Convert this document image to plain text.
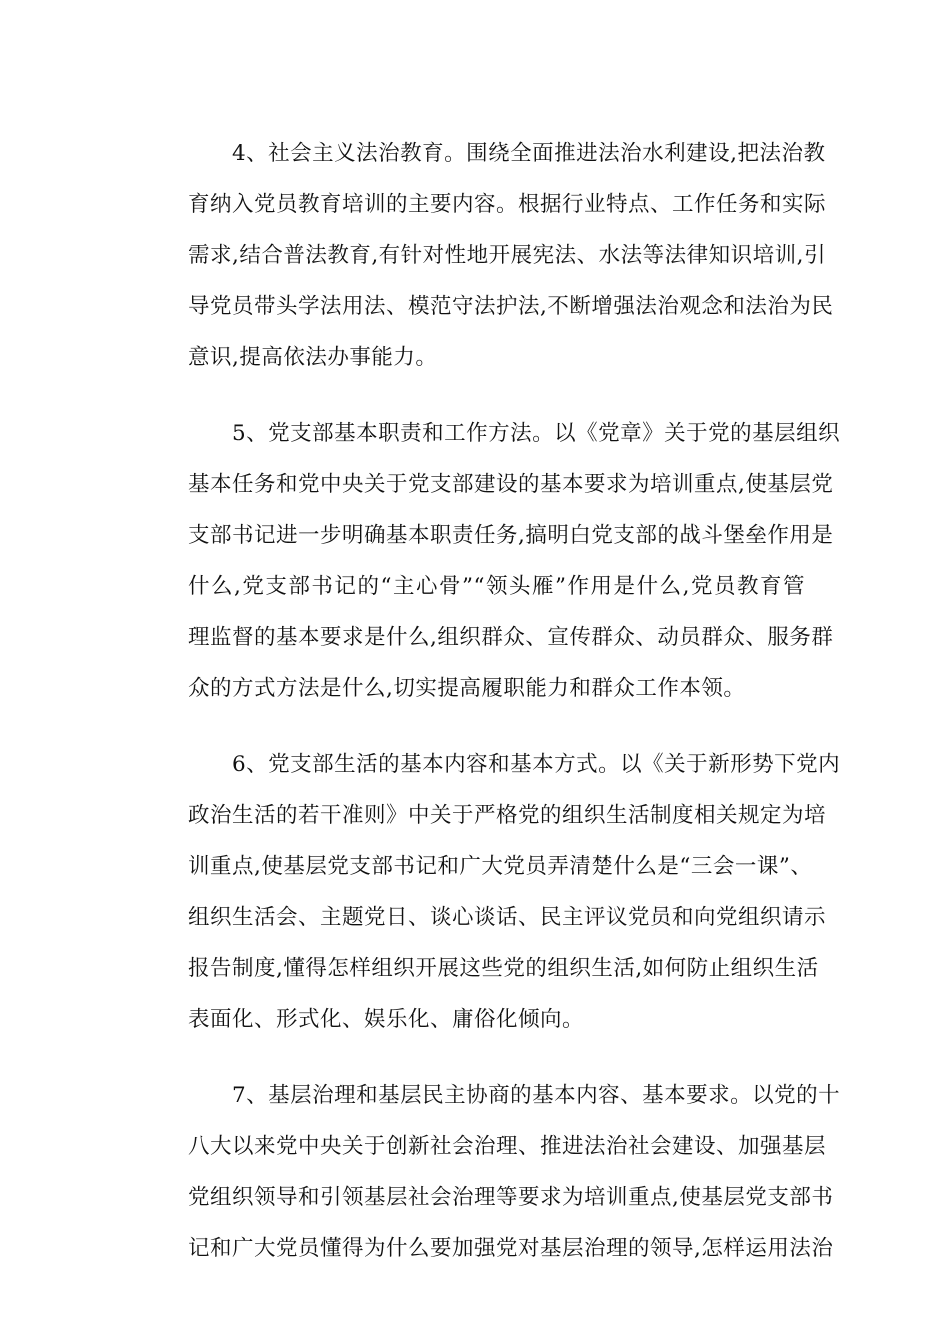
4、社会主义法治教育。围绕全面推进法治水利建设,把法治教
育纳入党员教育培训的主要内容。根据行业特点、工作任务和实际
需求,结合普法教育,有针对性地开展宪法、水法等法律知识培训,引
导党员带头学法用法、模范守法护法,不断增强法治观念和法治为民
意识,提高依法办事能力。
5、党支部基本职责和工作方法。以《党章》关于党的基层组织
基本任务和党中央关于党支部建设的基本要求为培训重点,使基层党
支部书记进一步明确基本职责任务,搞明白党支部的战斗堡垒作用是
什么,党支部书记的“主心骨”“领头雁”作用是什么,党员教育管
理监督的基本要求是什么,组织群众、宣传群众、动员群众、服务群
众的方式方法是什么,切实提高履职能力和群众工作本领。
6、党支部生活的基本内容和基本方式。以《关于新形势下党内
政治生活的若干准则》中关于严格党的组织生活制度相关规定为培
训重点,使基层党支部书记和广大党员弄清楚什么是“三会一课”、
组织生活会、主题党日、谈心谈话、民主评议党员和向党组织请示
报告制度,懂得怎样组织开展这些党的组织生活,如何防止组织生活
表面化、形式化、娱乐化、庸俗化倾向。
7、基层治理和基层民主协商的基本内容、基本要求。以党的十
八大以来党中央关于创新社会治理、推进法治社会建设、加强基层
党组织领导和引领基层社会治理等要求为培训重点,使基层党支部书
记和广大党员懂得为什么要加强党对基层治理的领导,怎样运用法治
